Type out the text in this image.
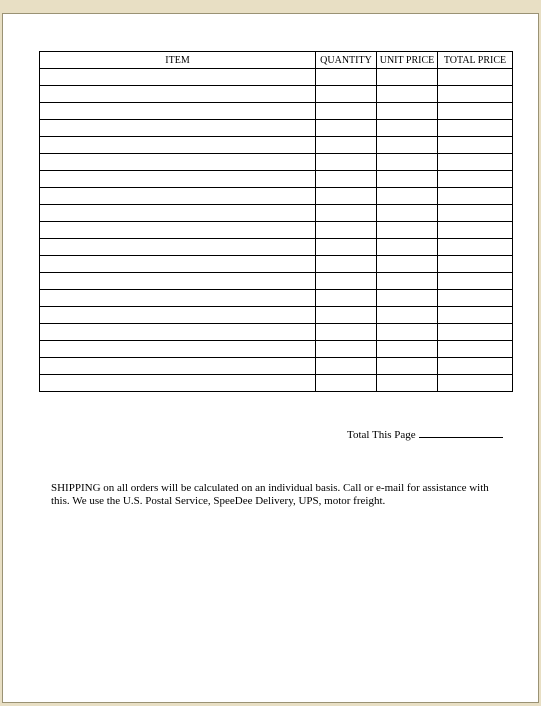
ITEM	QUANTITY	UNIT PRICE	TOTAL PRICE

Total This Page
SHIPPING on all orders will be calculated on an individual basis. Call or e-mail for assistance with this. We use the U.S. Postal Service, SpeeDee Delivery, UPS, motor freight.
